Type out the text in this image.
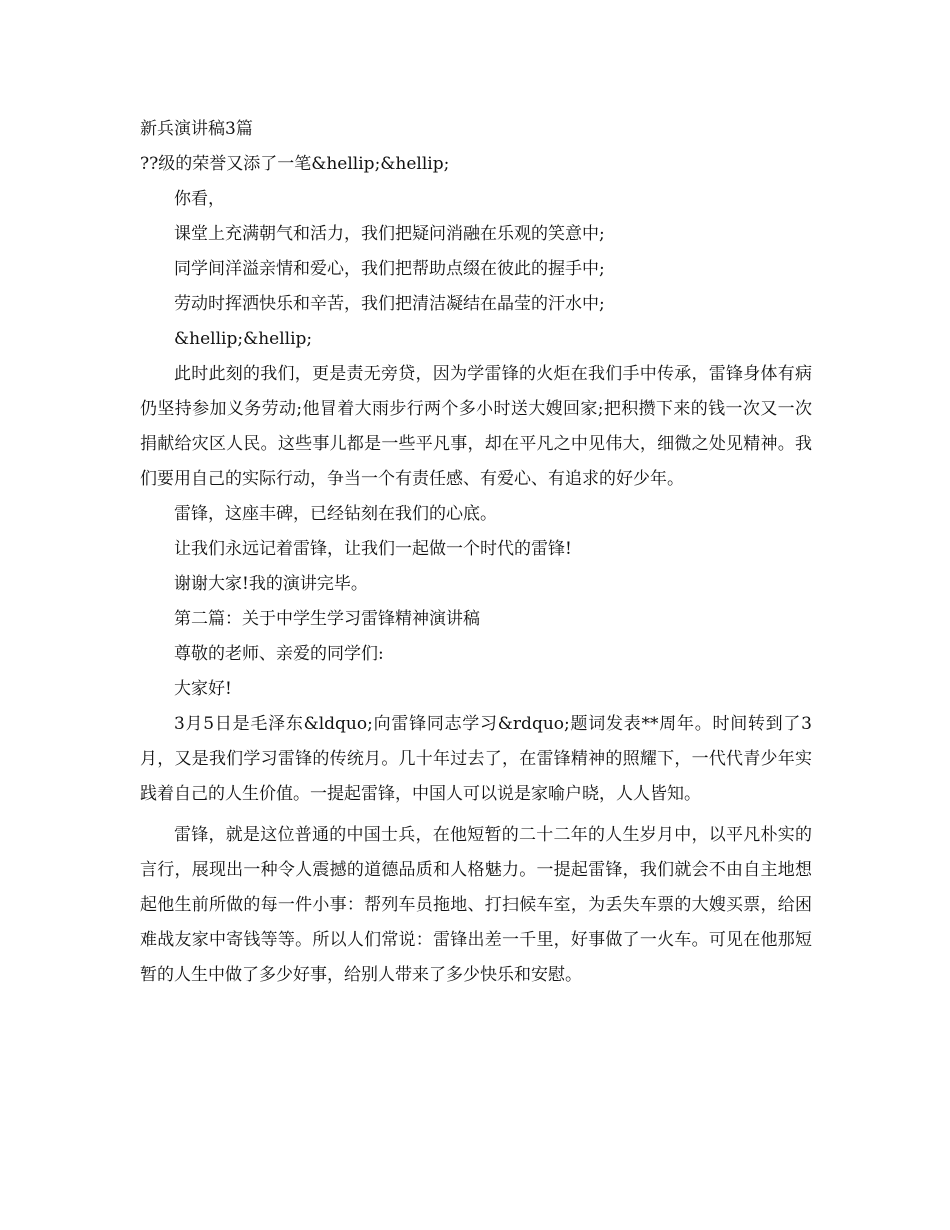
新兵演讲稿3篇
??级的荣誉又添了一笔&hellip;&hellip;
你看，
课堂上充满朝气和活力，我们把疑问消融在乐观的笑意中;
同学间洋溢亲情和爱心，我们把帮助点缀在彼此的握手中;
劳动时挥洒快乐和辛苦，我们把清洁凝结在晶莹的汗水中;
&hellip;&hellip;

此时此刻的我们，更是责无旁贷，因为学雷锋的火炬在我们手中传承，雷锋身体有病仍坚持参加义务劳动;他冒着大雨步行两个多小时送大嫂回家;把积攒下来的钱一次又一次捐献给灾区人民。这些事儿都是一些平凡事，却在平凡之中见伟大，细微之处见精神。我们要用自己的实际行动，争当一个有责任感、有爱心、有追求的好少年。

雷锋，这座丰碑，已经钻刻在我们的心底。
让我们永远记着雷锋，让我们一起做一个时代的雷锋!
谢谢大家!我的演讲完毕。
第二篇：关于中学生学习雷锋精神演讲稿
尊敬的老师、亲爱的同学们:
大家好!

3月5日是毛泽东&ldquo;向雷锋同志学习&rdquo;题词发表**周年。时间转到了3月，又是我们学习雷锋的传统月。几十年过去了，在雷锋精神的照耀下，一代代青少年实践着自己的人生价值。一提起雷锋，中国人可以说是家喻户晓，人人皆知。

雷锋，就是这位普通的中国士兵，在他短暂的二十二年的人生岁月中，以平凡朴实的言行，展现出一种令人震撼的道德品质和人格魅力。一提起雷锋，我们就会不由自主地想起他生前所做的每一件小事：帮列车员拖地、打扫候车室，为丢失车票的大嫂买票，给困难战友家中寄钱等等。所以人们常说：雷锋出差一千里，好事做了一火车。可见在他那短暂的人生中做了多少好事，给别人带来了多少快乐和安慰。
